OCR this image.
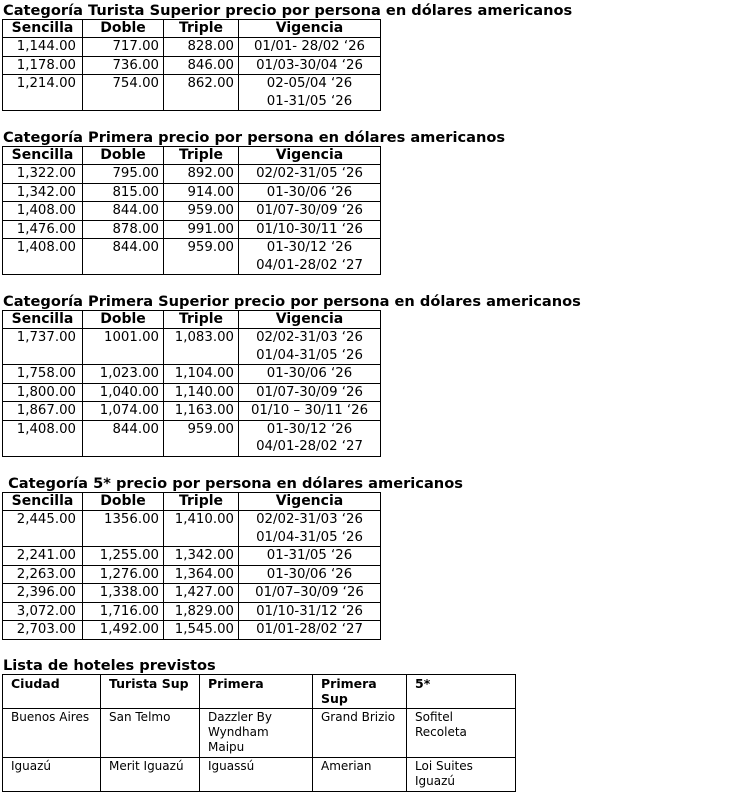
Categoría Turista Superior precio por persona en dólares americanos
Sencilla	Doble	Triple	Vigencia
1,144.00	717.00	828.00	01/01- 28/02 ‘26

1,178.00	736.00	846.00	01/03-30/04 ‘26

1,214.00	754.00	862.00	02-05/04 ‘26
01-31/05 ‘26
Categoría Primera precio por persona en dólares americanos
Sencilla	Doble	Triple	Vigencia
1,322.00	795.00	892.00	02/02-31/05 ‘26

1,342.00	815.00	914.00	01-30/06 ‘26

1,408.00	844.00	959.00	01/07-30/09 ‘26

1,476.00	878.00	991.00	01/10-30/11 ‘26

1,408.00	844.00	959.00	01-30/12 ‘26
04/01-28/02 ‘27
Categoría Primera Superior precio por persona en dólares americanos
Sencilla	Doble	Triple	Vigencia
1,737.00	1001.00	1,083.00	02/02-31/03 ‘26
01/04-31/05 ‘26

1,758.00	1,023.00	1,104.00	01-30/06 ‘26

1,800.00	1,040.00	1,140.00	01/07-30/09 ‘26

1,867.00	1,074.00	1,163.00	01/10 – 30/11 ‘26

1,408.00	844.00	959.00	01-30/12 ‘26
04/01-28/02 ‘27
Categoría 5* precio por persona en dólares americanos
Sencilla	Doble	Triple	Vigencia
2,445.00	1356.00	1,410.00	02/02-31/03 ‘26
01/04-31/05 ‘26

2,241.00	1,255.00	1,342.00	01-31/05 ‘26

2,263.00	1,276.00	1,364.00	01-30/06 ‘26

2,396.00	1,338.00	1,427.00	01/07–30/09 ‘26

3,072.00	1,716.00	1,829.00	01/10-31/12 ‘26

2,703.00	1,492.00	1,545.00	01/01-28/02 ‘27
Lista de hoteles previstos
Ciudad	Turista Sup	Primera	Primera Sup	5*
Buenos Aires	San Telmo	Dazzler By Wyndham Maipu	Grand Brizio	Sofitel Recoleta
Iguazú	Merit Iguazú	Iguassú	Amerian	Loi Suites Iguazú
